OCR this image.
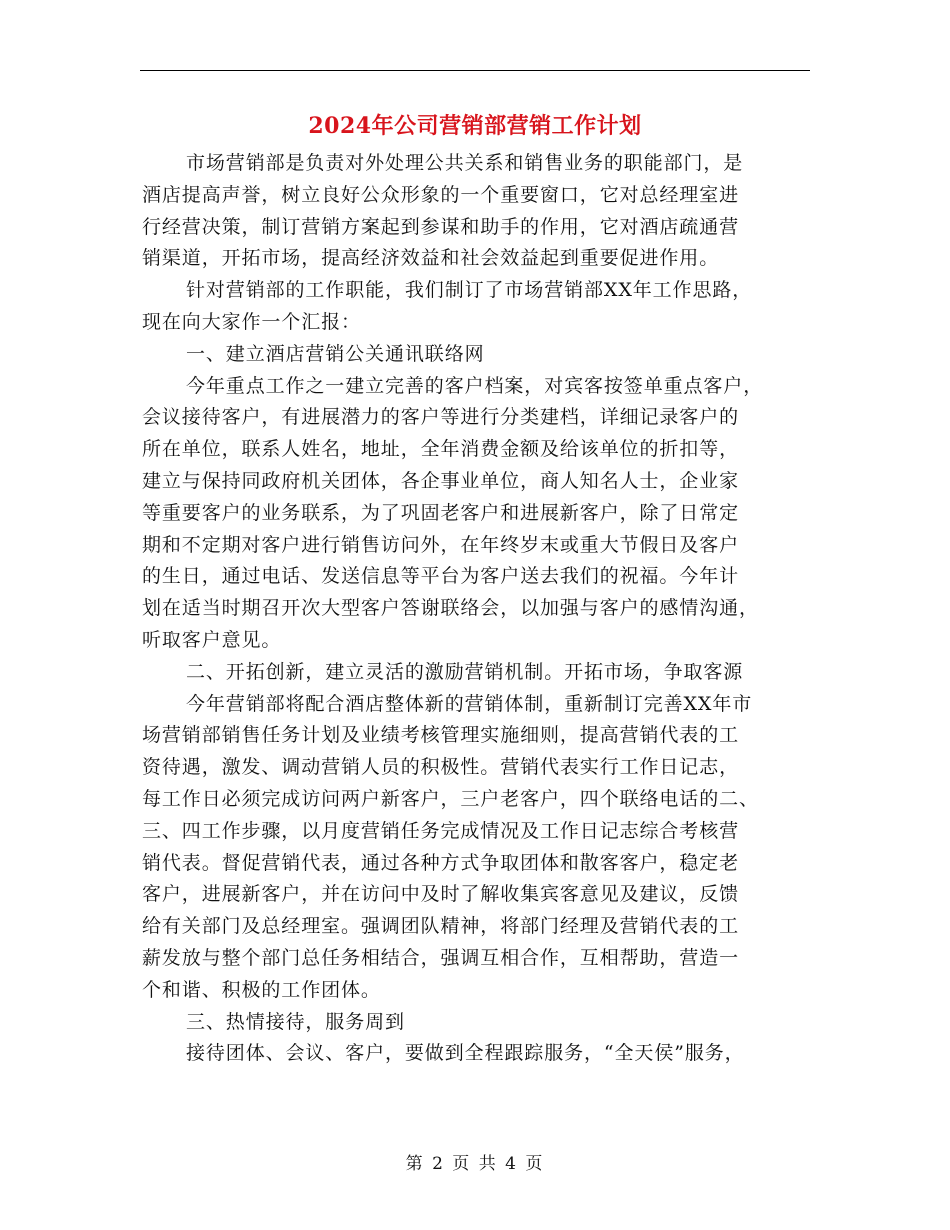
2024年公司营销部营销工作计划
市场营销部是负责对外处理公共关系和销售业务的职能部门，是
酒店提高声誉，树立良好公众形象的一个重要窗口，它对总经理室进
行经营决策，制订营销方案起到参谋和助手的作用，它对酒店疏通营
销渠道，开拓市场，提高经济效益和社会效益起到重要促进作用。
针对营销部的工作职能，我们制订了市场营销部XX年工作思路，
现在向大家作一个汇报：
一、建立酒店营销公关通讯联络网
今年重点工作之一建立完善的客户档案，对宾客按签单重点客户，
会议接待客户，有进展潜力的客户等进行分类建档，详细记录客户的
所在单位，联系人姓名，地址，全年消费金额及给该单位的折扣等，
建立与保持同政府机关团体，各企事业单位，商人知名人士，企业家
等重要客户的业务联系，为了巩固老客户和进展新客户，除了日常定
期和不定期对客户进行销售访问外，在年终岁末或重大节假日及客户
的生日，通过电话、发送信息等平台为客户送去我们的祝福。今年计
划在适当时期召开次大型客户答谢联络会，以加强与客户的感情沟通，
听取客户意见。
二、开拓创新，建立灵活的激励营销机制。开拓市场，争取客源
今年营销部将配合酒店整体新的营销体制，重新制订完善XX年市
场营销部销售任务计划及业绩考核管理实施细则，提高营销代表的工
资待遇，激发、调动营销人员的积极性。营销代表实行工作日记志，
每工作日必须完成访问两户新客户，三户老客户，四个联络电话的二、
三、四工作步骤，以月度营销任务完成情况及工作日记志综合考核营
销代表。督促营销代表，通过各种方式争取团体和散客客户，稳定老
客户，进展新客户，并在访问中及时了解收集宾客意见及建议，反馈
给有关部门及总经理室。强调团队精神，将部门经理及营销代表的工
薪发放与整个部门总任务相结合，强调互相合作，互相帮助，营造一
个和谐、积极的工作团体。
三、热情接待，服务周到
接待团体、会议、客户，要做到全程跟踪服务，“全天侯”服务，
第 2 页 共 4 页
